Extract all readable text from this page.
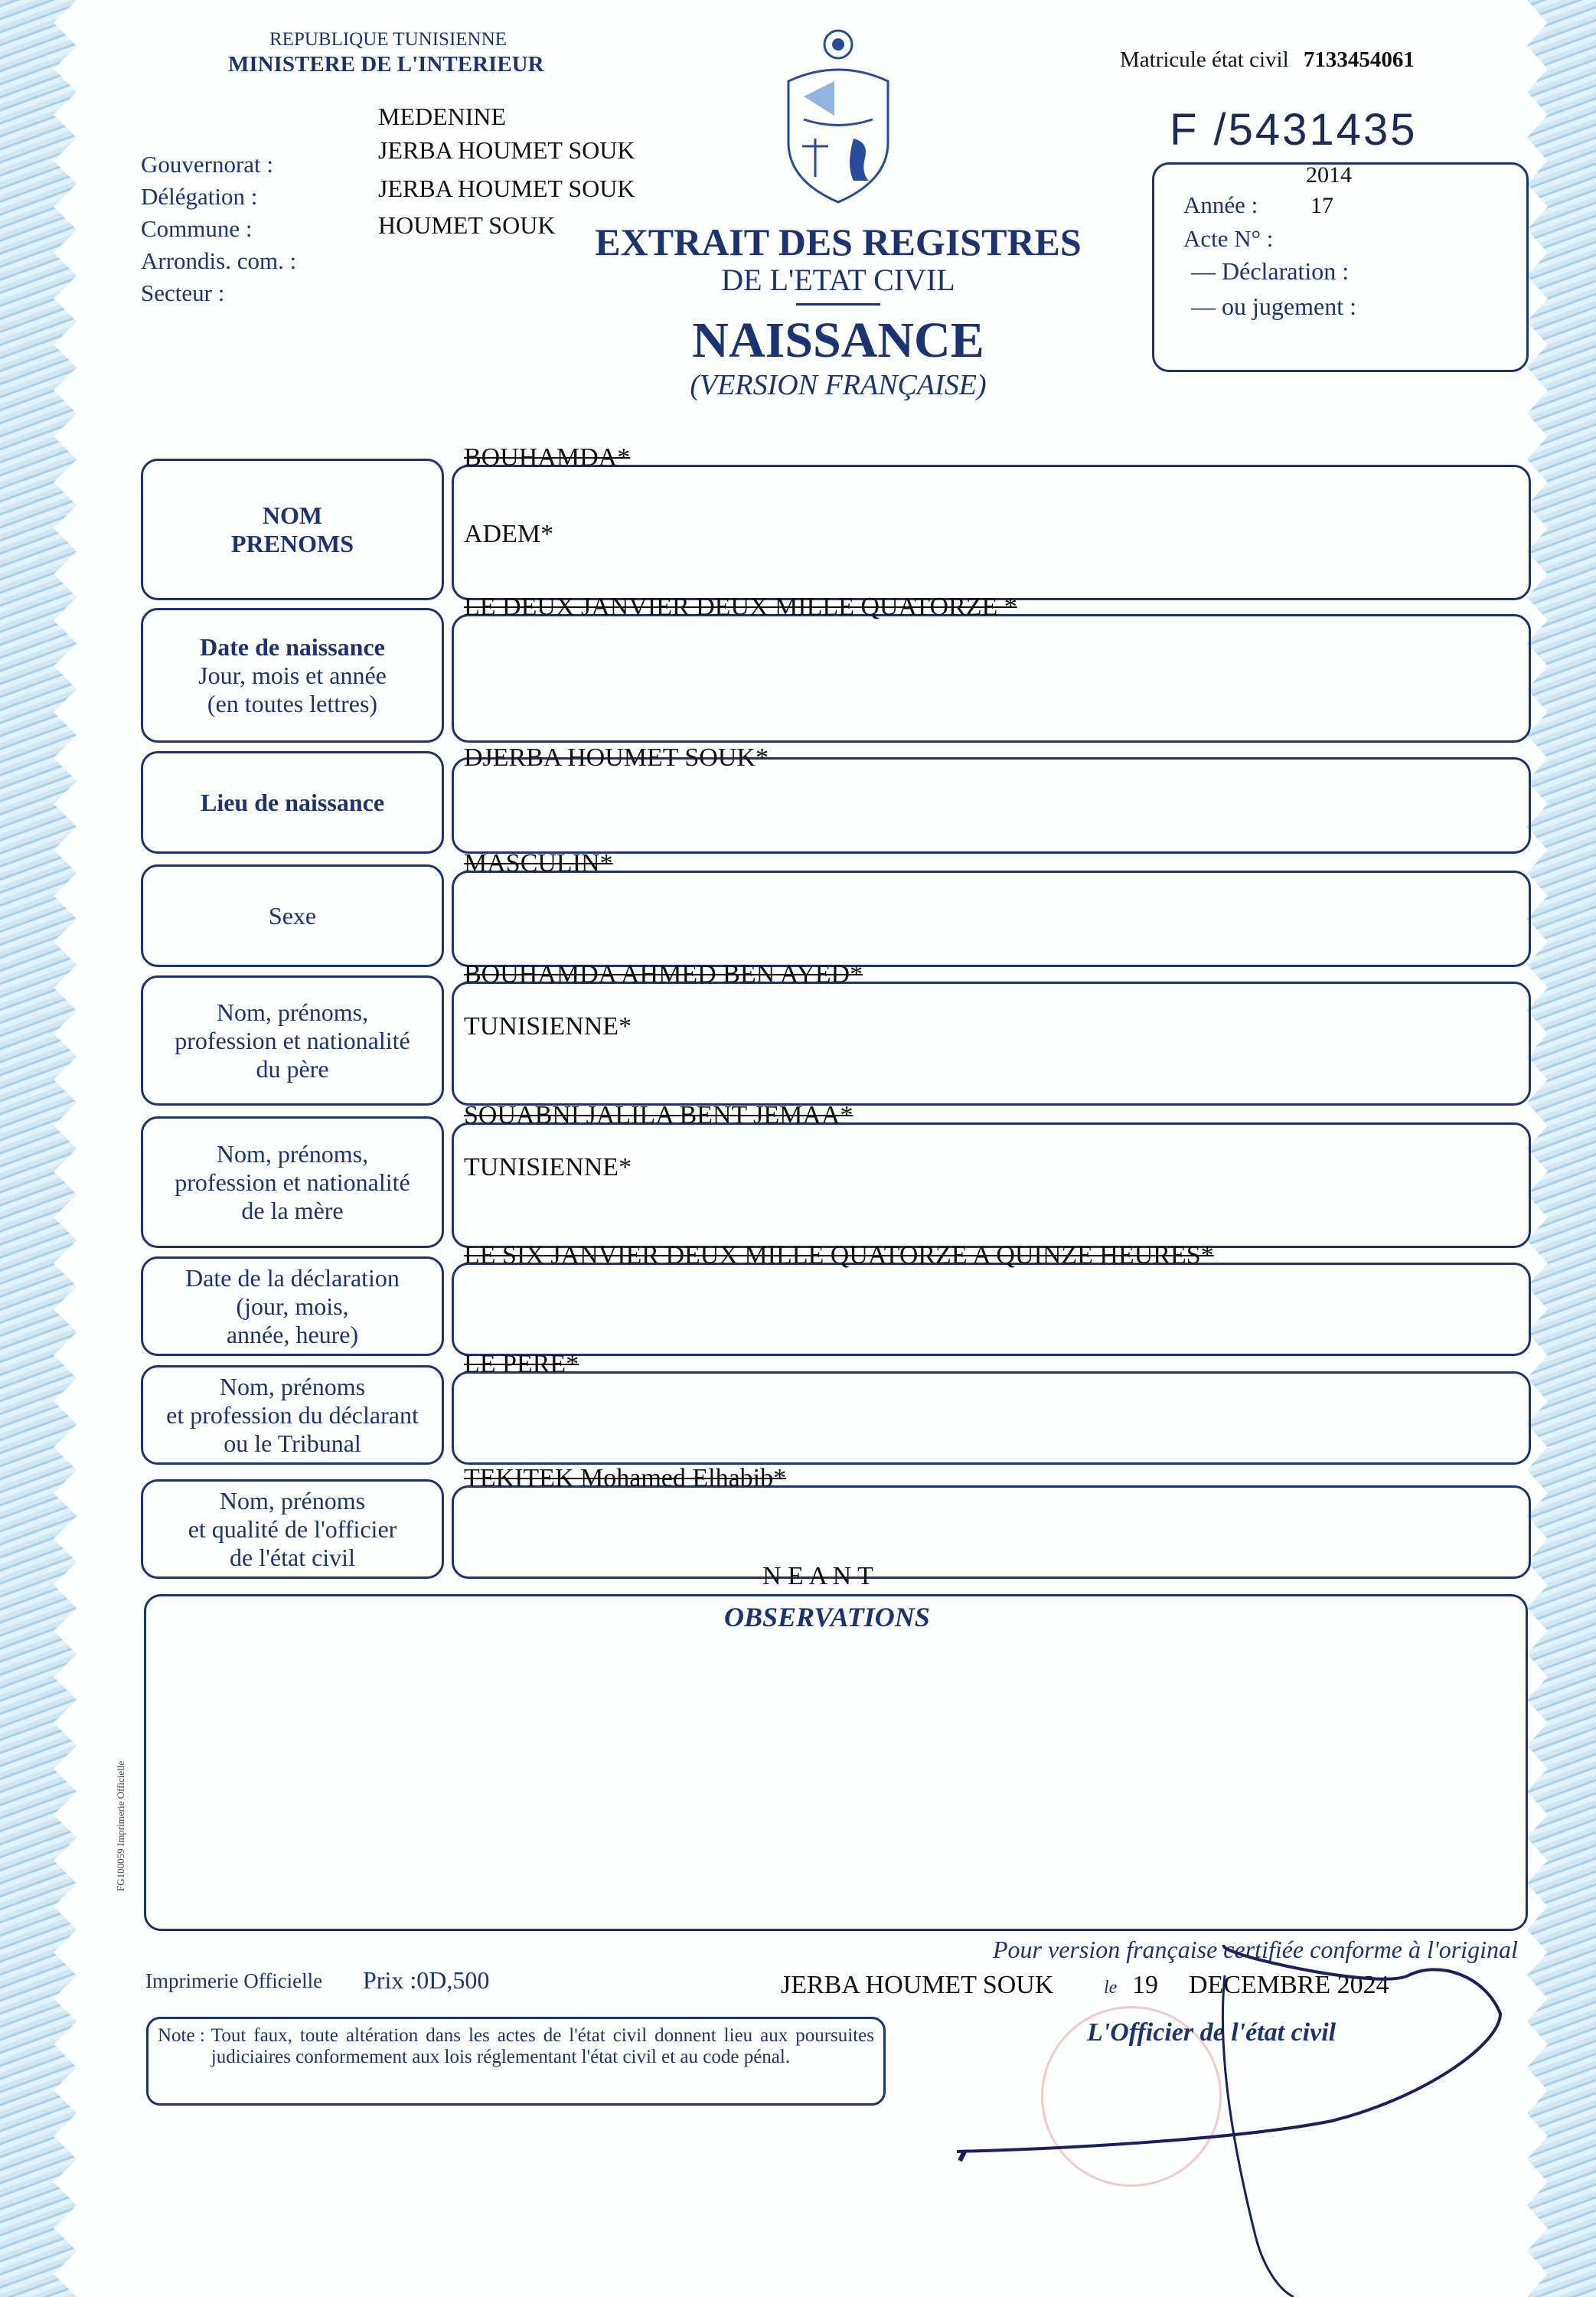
REPUBLIQUE TUNISIENNE
MINISTERE DE L'INTERIEUR
Gouvernorat :
Délégation :
Commune :
Arrondis. com. :
Secteur :
MEDENINE
JERBA HOUMET SOUK
JERBA HOUMET SOUK
HOUMET SOUK
Matricule état civil 7133454061
F /5431435
2014
17
Année :
Acte N° :
— Déclaration :
— ou jugement :
EXTRAIT DES REGISTRES
DE L'ETAT CIVIL
NAISSANCE
(VERSION FRANÇAISE)
NOM
PRENOMS
BOUHAMDA*
ADEM*
Date de naissance
Jour, mois et année
(en toutes lettres)
LE DEUX JANVIER DEUX MILLE QUATORZE *
Lieu de naissance
DJERBA HOUMET SOUK*
Sexe
MASCULIN*
Nom, prénoms,
profession et nationalité
du père
BOUHAMDA AHMED BEN AYED*
TUNISIENNE*
Nom, prénoms,
profession et nationalité
de la mère
SOUABNI JALILA BENT JEMAA*
TUNISIENNE*
Date de la déclaration
(jour, mois,
année, heure)
LE SIX JANVIER DEUX MILLE QUATORZE A QUINZE HEURES*
Nom, prénoms
et profession du déclarant
ou le Tribunal
LE PERE*
Nom, prénoms
et qualité de l'officier
de l'état civil
TEKITEK Mohamed Elhabib*
N E A N T
OBSERVATIONS
FG100059 Imprimerie Officielle
Imprimerie Officielle Prix :0D,500
Pour version française certifiée conforme à l'original
JERBA HOUMET SOUK	le 19 DECEMBRE 2024
Note : Tout faux, toute altération dans les actes de l'état civil donnent lieu aux poursuites judiciaires conformement aux lois réglementant l'état civil et au code pénal.
L'Officier de l'état civil
